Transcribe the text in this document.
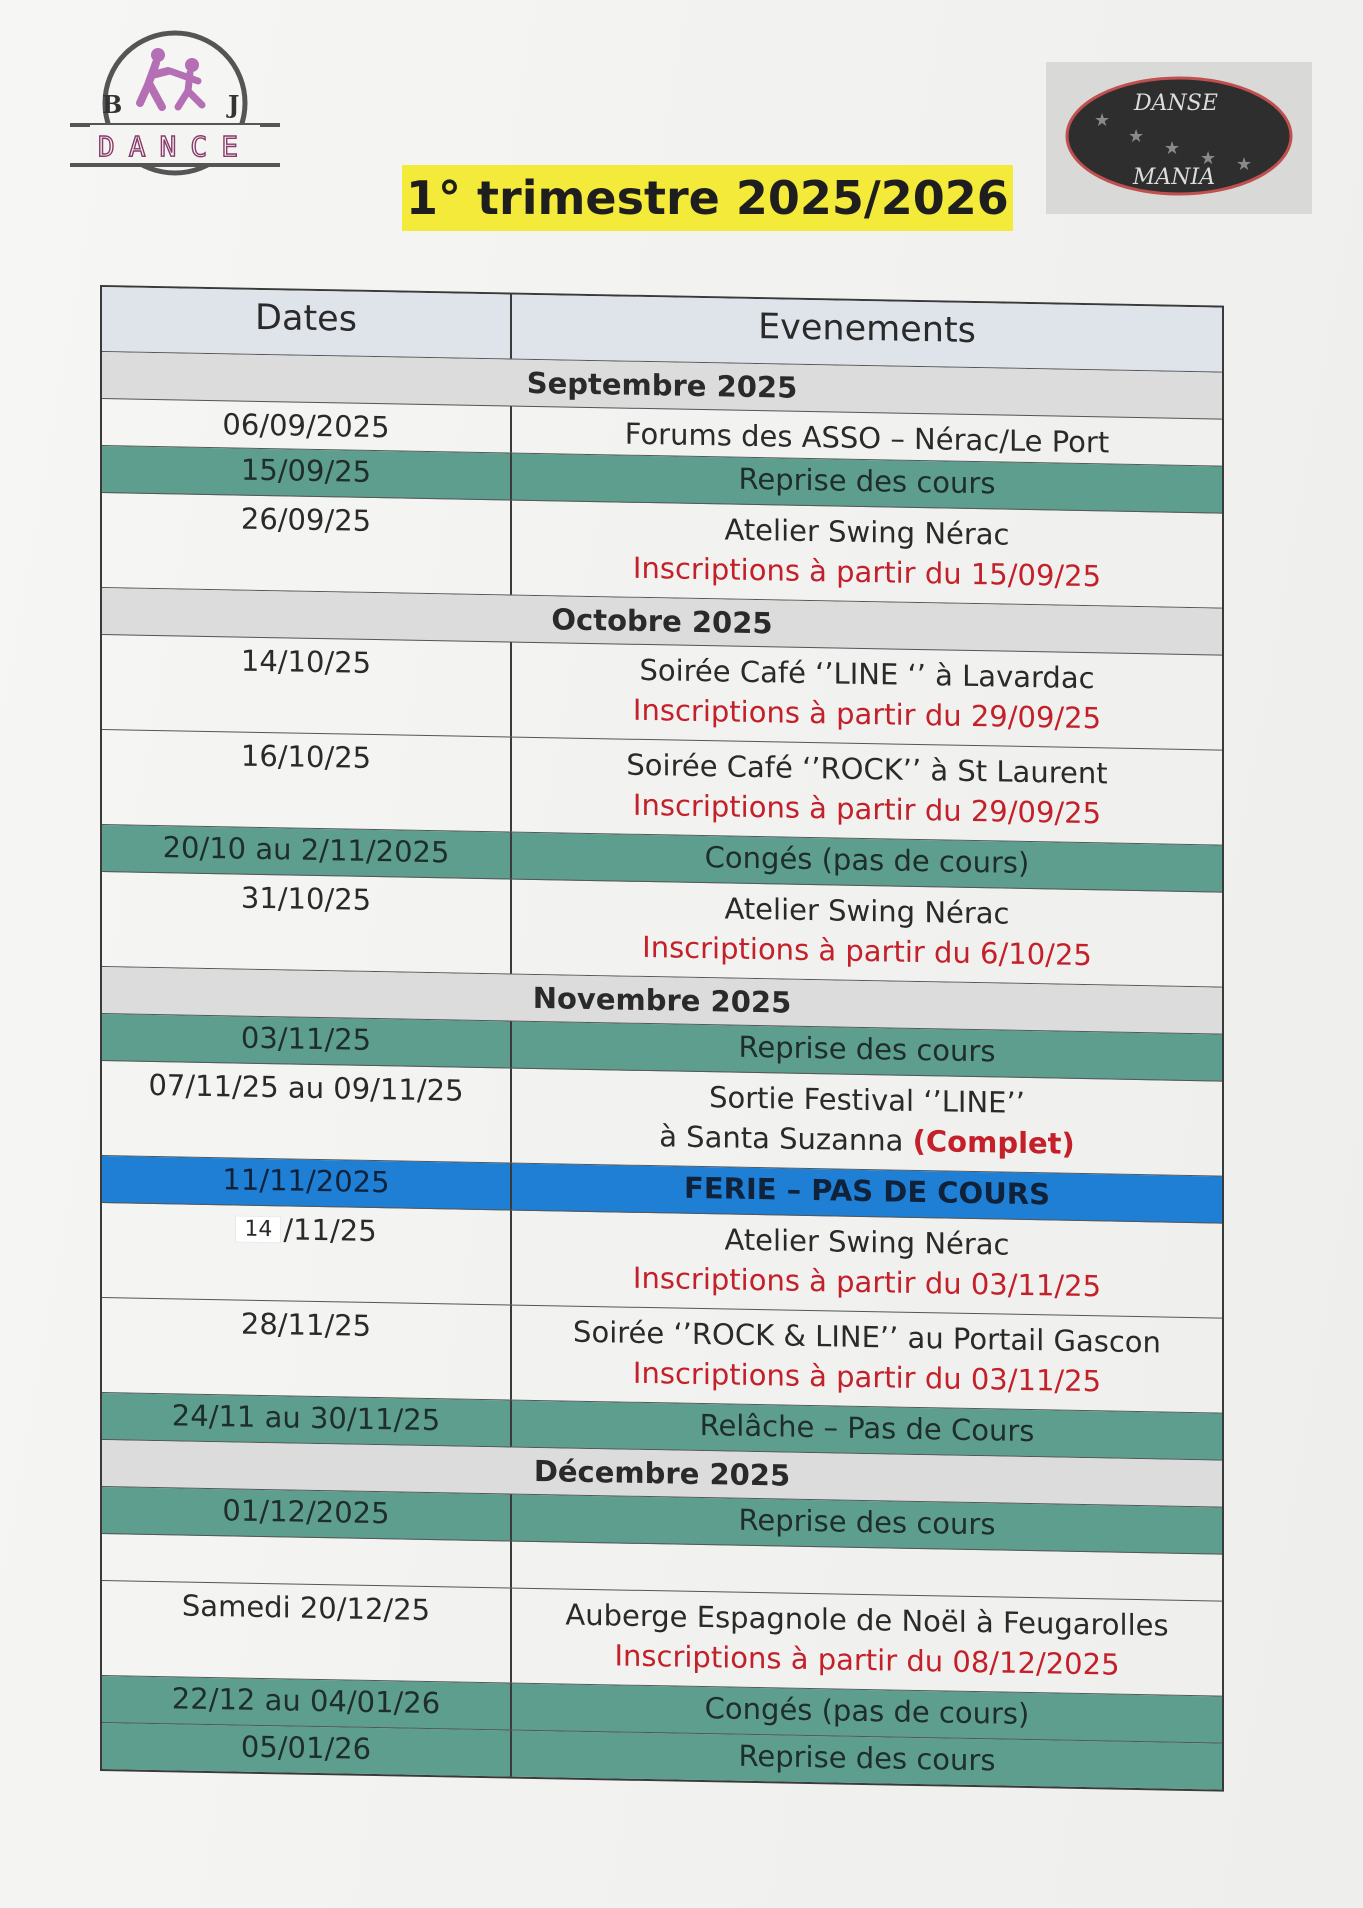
B	J
DANCE
DANSE
MANIA
★
★
★ ★ ★
1° trimestre 2025/2026
Dates	Evenements
Septembre 2025
06/09/2025	Forums des ASSO – Nérac/Le Port
15/09/25	Reprise des cours
26/09/25	Atelier Swing Nérac
Inscriptions à partir du 15/09/25
Octobre 2025
14/10/25	Soirée Café ‘’LINE ‘’ à Lavardac
Inscriptions à partir du 29/09/25
16/10/25	Soirée Café ‘’ROCK’’ à St Laurent
Inscriptions à partir du 29/09/25
20/10 au 2/11/2025	Congés (pas de cours)
31/10/25	Atelier Swing Nérac
Inscriptions à partir du 6/10/25
Novembre 2025
03/11/25	Reprise des cours
07/11/25 au 09/11/25	Sortie Festival ‘’LINE’’
à Santa Suzanna (Complet)
11/11/2025	FERIE – PAS DE COURS
14 /11/25	Atelier Swing Nérac
Inscriptions à partir du 03/11/25
28/11/25	Soirée ‘’ROCK & LINE’’ au Portail Gascon
Inscriptions à partir du 03/11/25
24/11 au 30/11/25	Relâche – Pas de Cours
Décembre 2025
01/12/2025	Reprise des cours
Samedi 20/12/25	Auberge Espagnole de Noël à Feugarolles
Inscriptions à partir du 08/12/2025
22/12 au 04/01/26	Congés (pas de cours)
05/01/26	Reprise des cours
